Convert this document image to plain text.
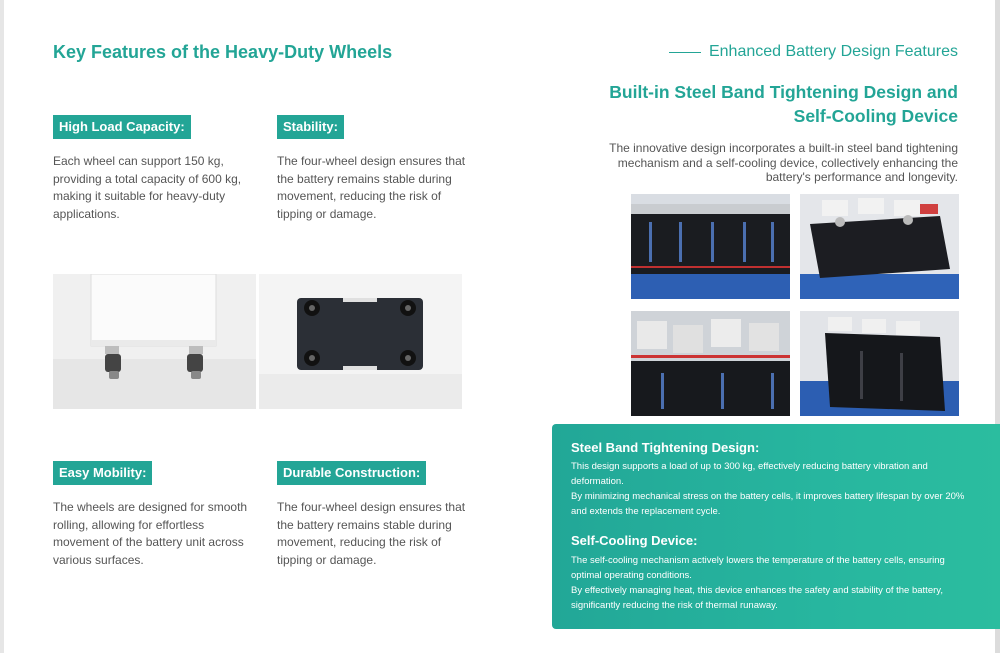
Key Features of the Heavy-Duty Wheels
High Load Capacity:
Each wheel can support 150 kg, providing a total capacity of 600 kg, making it suitable for heavy-duty applications.
Stability:
The four-wheel design ensures that the battery remains stable during movement, reducing the risk of tipping or damage.
Easy Mobility:
The wheels are designed for smooth rolling, allowing for effortless movement of the battery unit across various surfaces.
Durable Construction:
The four-wheel design ensures that the battery remains stable during movement, reducing the risk of tipping or damage.
Enhanced Battery Design Features
Built-in Steel Band Tightening Design and Self-Cooling Device
The innovative design incorporates a built-in steel band tightening mechanism and a self-cooling device, collectively enhancing the battery's performance and longevity.
Steel Band Tightening Design:
This design supports a load of up to 300 kg, effectively reducing battery vibration and deformation.
By minimizing mechanical stress on the battery cells, it improves battery lifespan by over 20% and extends the replacement cycle.
Self-Cooling Device:
The self-cooling mechanism actively lowers the temperature of the battery cells, ensuring optimal operating conditions.
By effectively managing heat, this device enhances the safety and stability of the battery, significantly reducing the risk of thermal runaway.
